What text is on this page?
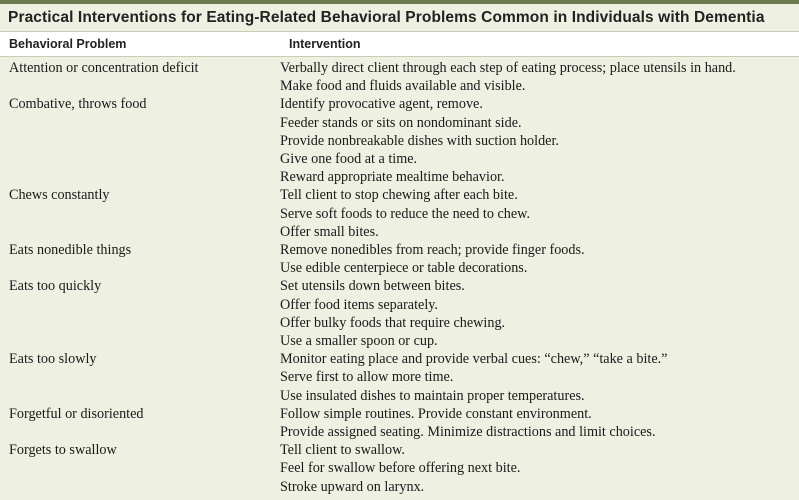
Practical Interventions for Eating-Related Behavioral Problems Common in Individuals with Dementia
Behavioral Problem	Intervention
Attention or concentration deficit	Verbally direct client through each step of eating process; place utensils in hand.
Make food and fluids available and visible.
Combative, throws food	Identify provocative agent, remove.
Feeder stands or sits on nondominant side.
Provide nonbreakable dishes with suction holder.
Give one food at a time.
Reward appropriate mealtime behavior.
Chews constantly	Tell client to stop chewing after each bite.
Serve soft foods to reduce the need to chew.
Offer small bites.
Eats nonedible things	Remove nonedibles from reach; provide finger foods.
Use edible centerpiece or table decorations.
Eats too quickly	Set utensils down between bites.
Offer food items separately.
Offer bulky foods that require chewing.
Use a smaller spoon or cup.
Eats too slowly	Monitor eating place and provide verbal cues: “chew,” “take a bite.”
Serve first to allow more time.
Use insulated dishes to maintain proper temperatures.
Forgetful or disoriented	Follow simple routines. Provide constant environment.
Provide assigned seating. Minimize distractions and limit choices.
Forgets to swallow	Tell client to swallow.
Feel for swallow before offering next bite.
Stroke upward on larynx.
